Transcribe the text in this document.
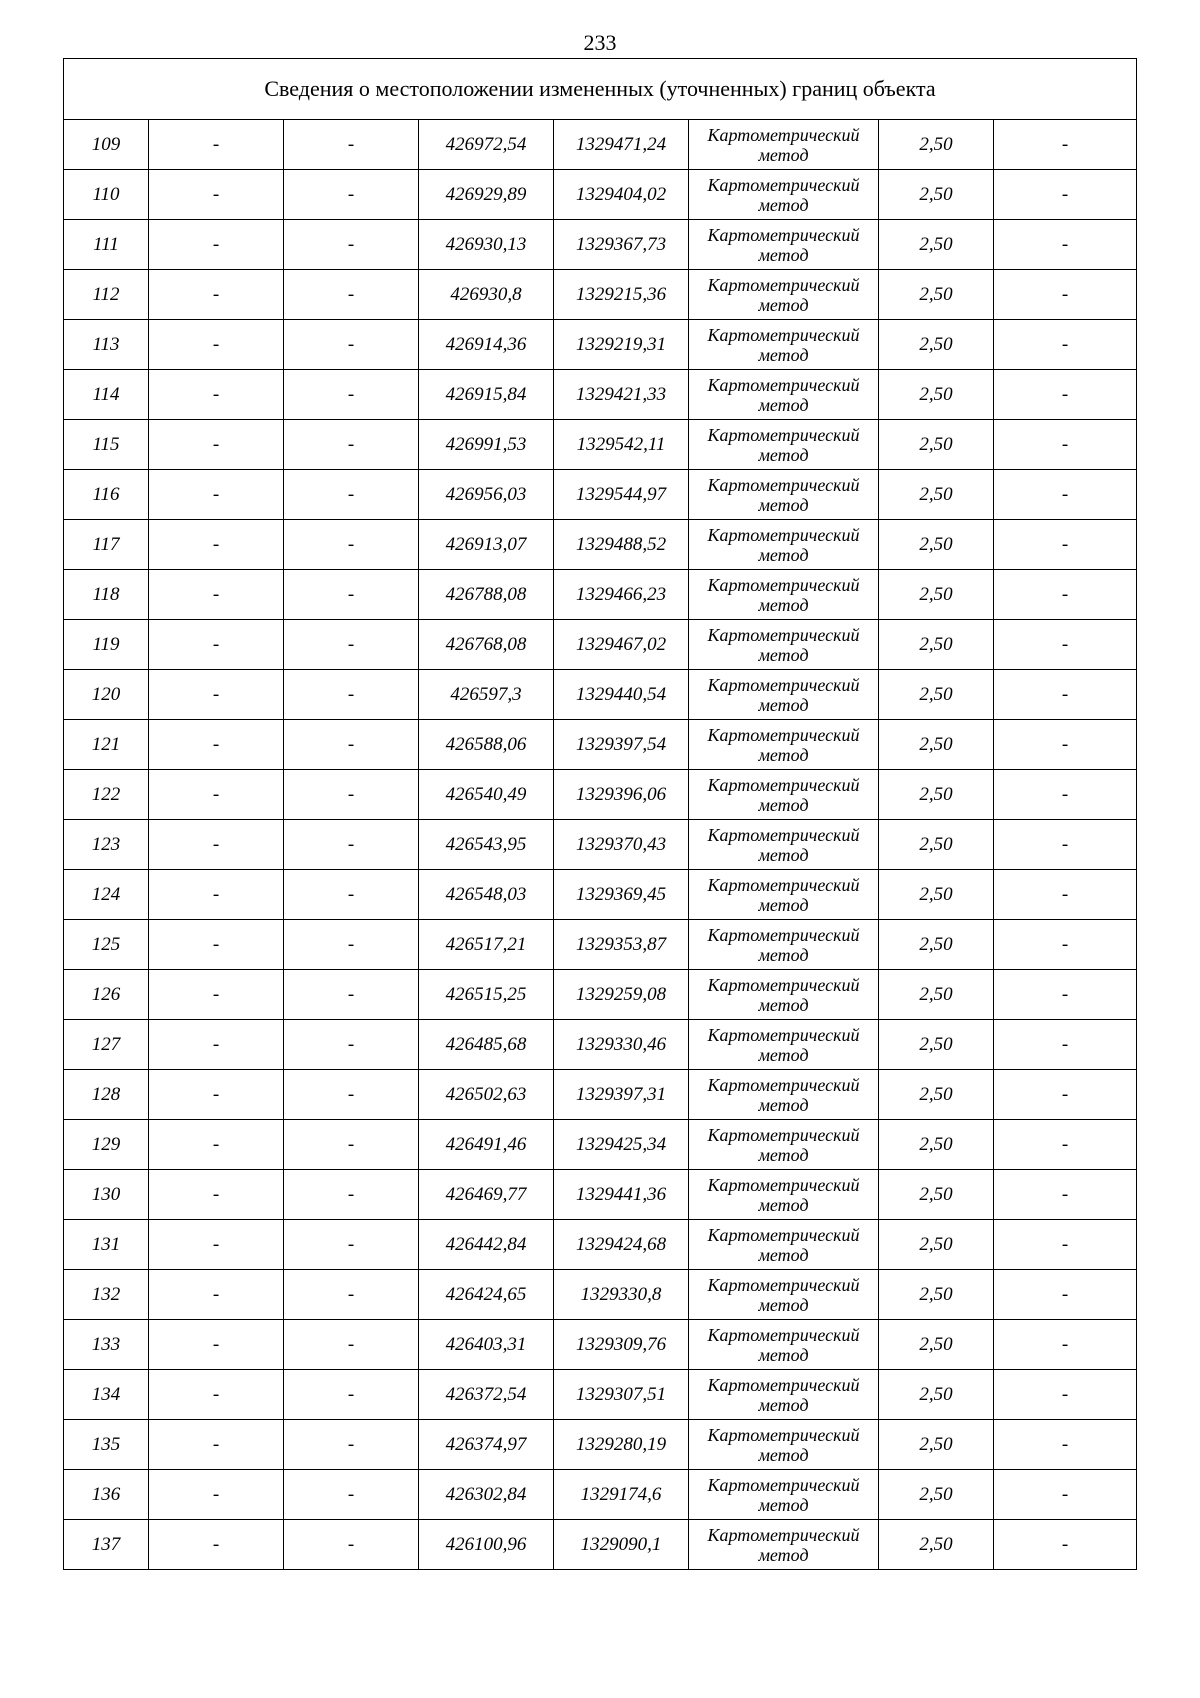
233
Сведения о местоположении измененных (уточненных) границ объекта							
109	-	-	426972,54	1329471,24	Картометрический
метод	2,50	-
110	-	-	426929,89	1329404,02	Картометрический
метод	2,50	-
111	-	-	426930,13	1329367,73	Картометрический
метод	2,50	-
112	-	-	426930,8	1329215,36	Картометрический
метод	2,50	-
113	-	-	426914,36	1329219,31	Картометрический
метод	2,50	-
114	-	-	426915,84	1329421,33	Картометрический
метод	2,50	-
115	-	-	426991,53	1329542,11	Картометрический
метод	2,50	-
116	-	-	426956,03	1329544,97	Картометрический
метод	2,50	-
117	-	-	426913,07	1329488,52	Картометрический
метод	2,50	-
118	-	-	426788,08	1329466,23	Картометрический
метод	2,50	-
119	-	-	426768,08	1329467,02	Картометрический
метод	2,50	-
120	-	-	426597,3	1329440,54	Картометрический
метод	2,50	-
121	-	-	426588,06	1329397,54	Картометрический
метод	2,50	-
122	-	-	426540,49	1329396,06	Картометрический
метод	2,50	-
123	-	-	426543,95	1329370,43	Картометрический
метод	2,50	-
124	-	-	426548,03	1329369,45	Картометрический
метод	2,50	-
125	-	-	426517,21	1329353,87	Картометрический
метод	2,50	-
126	-	-	426515,25	1329259,08	Картометрический
метод	2,50	-
127	-	-	426485,68	1329330,46	Картометрический
метод	2,50	-
128	-	-	426502,63	1329397,31	Картометрический
метод	2,50	-
129	-	-	426491,46	1329425,34	Картометрический
метод	2,50	-
130	-	-	426469,77	1329441,36	Картометрический
метод	2,50	-
131	-	-	426442,84	1329424,68	Картометрический
метод	2,50	-
132	-	-	426424,65	1329330,8	Картометрический
метод	2,50	-
133	-	-	426403,31	1329309,76	Картометрический
метод	2,50	-
134	-	-	426372,54	1329307,51	Картометрический
метод	2,50	-
135	-	-	426374,97	1329280,19	Картометрический
метод	2,50	-
136	-	-	426302,84	1329174,6	Картометрический
метод	2,50	-
137	-	-	426100,96	1329090,1	Картометрический
метод	2,50	-
